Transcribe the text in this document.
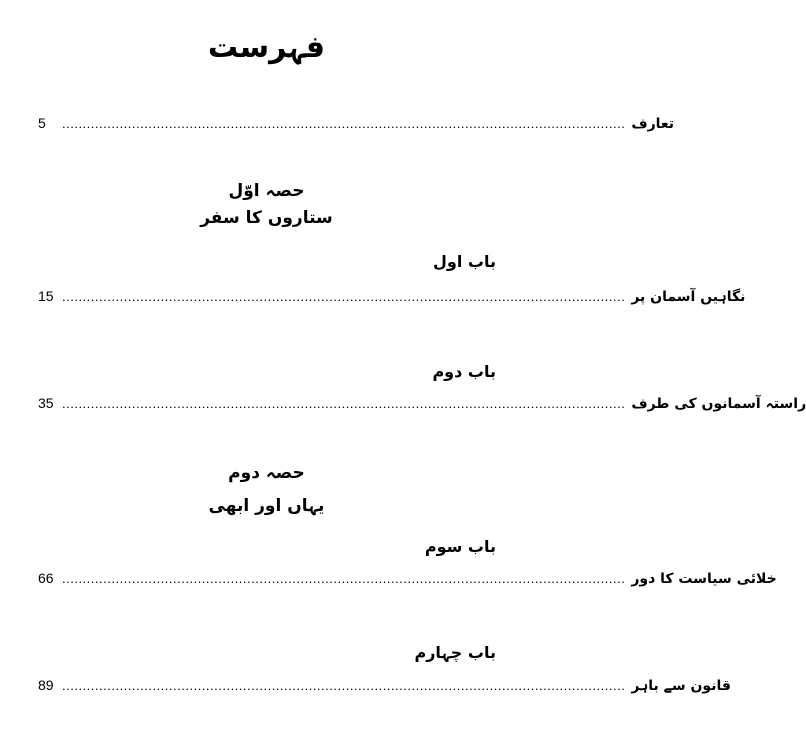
فہرست
5	......................................................................................................................................... تعارف
حصہ اوّل
ستاروں کا سفر
باب اول
15 ......................................................................................................................................... نگاہیں آسمان پر
باب دوم
35 ......................................................................................................................................... راستہ آسمانوں کی طرف
حصہ دوم
یہاں اور ابھی
باب سوم
66 ......................................................................................................................................... خلائی سیاست کا دور
باب چہارم
89 ......................................................................................................................................... قانون سے باہر
